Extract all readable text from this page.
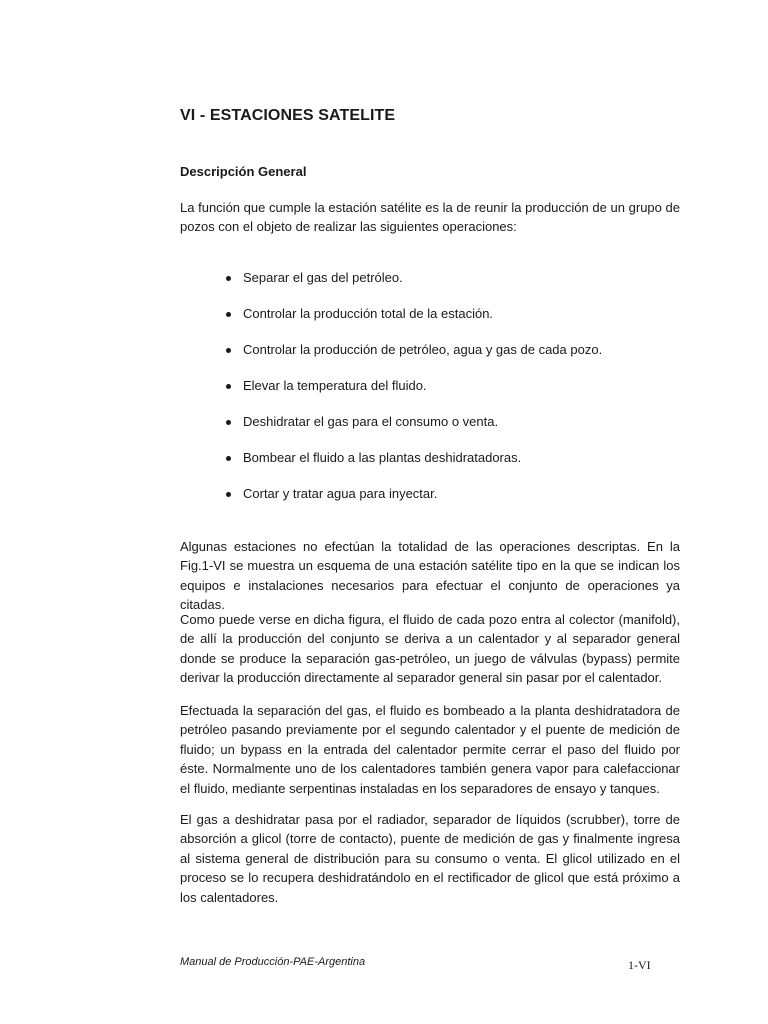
VI - ESTACIONES SATELITE
Descripción General

La función que cumple la estación satélite es la de reunir la producción de un grupo de pozos con el objeto de realizar las siguientes operaciones:

Separar el gas del petróleo.
Controlar la producción total de la estación.
Controlar la producción de petróleo, agua y gas de cada pozo.
Elevar la temperatura del fluido.
Deshidratar el gas para el consumo o venta.
Bombear el fluido a las plantas deshidratadoras.
Cortar y tratar agua para inyectar.

Algunas estaciones no efectúan la totalidad de las operaciones descriptas. En la Fig.1-VI se muestra un esquema de una estación satélite tipo en la que se indican los equipos e instalaciones necesarios para efectuar el conjunto de operaciones ya citadas.

Como puede verse en dicha figura, el fluido de cada pozo entra al colector (manifold), de allí la producción del conjunto se deriva a un calentador y al separador general donde se produce la separación gas-petróleo, un juego de válvulas (bypass) permite derivar la producción directamente al separador general sin pasar por el calentador.

Efectuada la separación del gas, el fluido es bombeado a la planta deshidratadora de petróleo pasando previamente por el segundo calentador y el puente de medición de fluido; un bypass en la entrada del calentador permite cerrar el paso del fluido por éste. Normalmente uno de los calentadores también genera vapor para calefaccionar el fluido, mediante serpentinas instaladas en los separadores de ensayo y tanques.

El gas a deshidratar pasa por el radiador, separador de líquidos (scrubber), torre de absorción a glicol (torre de contacto), puente de medición de gas y finalmente ingresa al sistema general de distribución para su consumo o venta. El glicol utilizado en el proceso se lo recupera deshidratándolo en el rectificador de glicol que está próximo a los calentadores.

Manual de Producción-PAE-Argentina	1-VI
